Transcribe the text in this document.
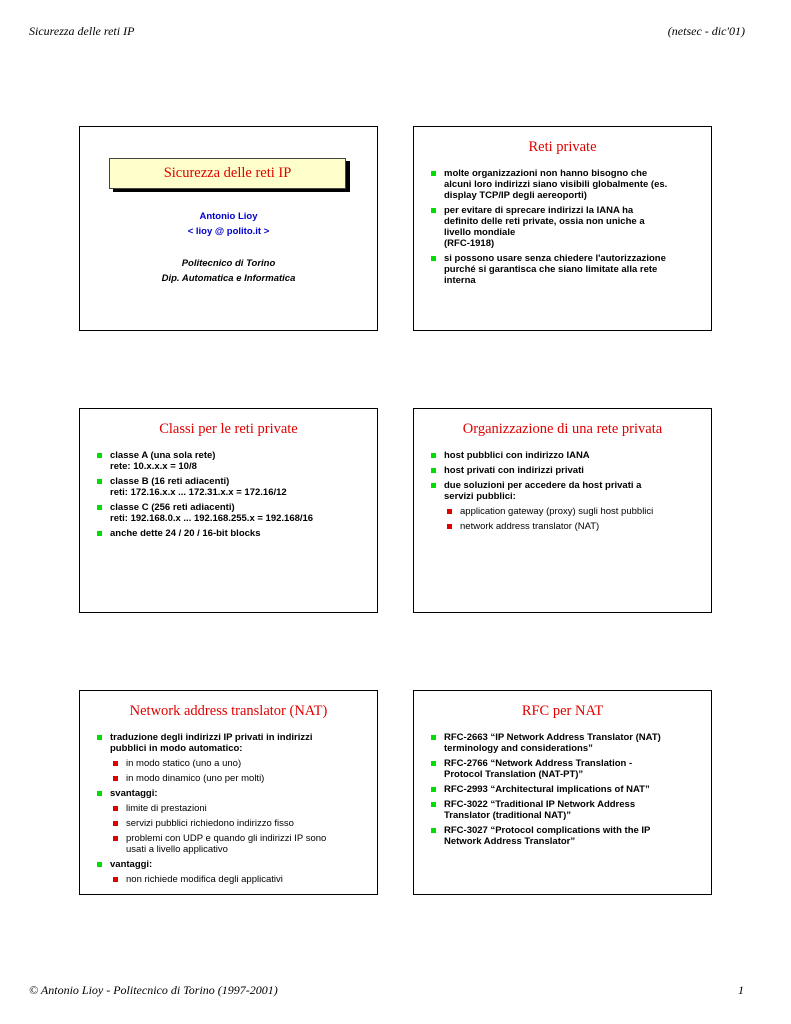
Sicurezza delle reti IP	(netsec - dic'01)
Sicurezza delle reti IP
Antonio Lioy
< lioy @ polito.it >
Politecnico di Torino
Dip. Automatica e Informatica
Reti private
molte organizzazioni non hanno bisogno che
alcuni loro indirizzi siano visibili globalmente (es.
display TCP/IP degli aereoporti)
per evitare di sprecare indirizzi la IANA ha
definito delle reti private, ossia non uniche a
livello mondiale
(RFC-1918)
si possono usare senza chiedere l'autorizzazione
purché si garantisca che siano limitate alla rete
interna
Classi per le reti private
classe A (una sola rete)
rete: 10.x.x.x = 10/8
classe B (16 reti adiacenti)
reti: 172.16.x.x ... 172.31.x.x = 172.16/12
classe C (256 reti adiacenti)
reti: 192.168.0.x ... 192.168.255.x = 192.168/16
anche dette 24 / 20 / 16-bit blocks
Organizzazione di una rete privata
host pubblici con indirizzo IANA
host privati con indirizzi privati
due soluzioni per accedere da host privati a
servizi pubblici:
application gateway (proxy) sugli host pubblici
network address translator (NAT)
Network address translator (NAT)
traduzione degli indirizzi IP privati in indirizzi
pubblici in modo automatico:
in modo statico (uno a uno)
in modo dinamico (uno per molti)
svantaggi:
limite di prestazioni
servizi pubblici richiedono indirizzo fisso
problemi con UDP e quando gli indirizzi IP sono
usati a livello applicativo
vantaggi:
non richiede modifica degli applicativi
RFC per NAT
RFC-2663 “IP Network Address Translator (NAT)
terminology and considerations”
RFC-2766 “Network Address Translation -
Protocol Translation (NAT-PT)”
RFC-2993 “Architectural implications of NAT”
RFC-3022 “Traditional IP Network Address
Translator (traditional NAT)”
RFC-3027 “Protocol complications with the IP
Network Address Translator”
© Antonio Lioy - Politecnico di Torino (1997-2001)	1
